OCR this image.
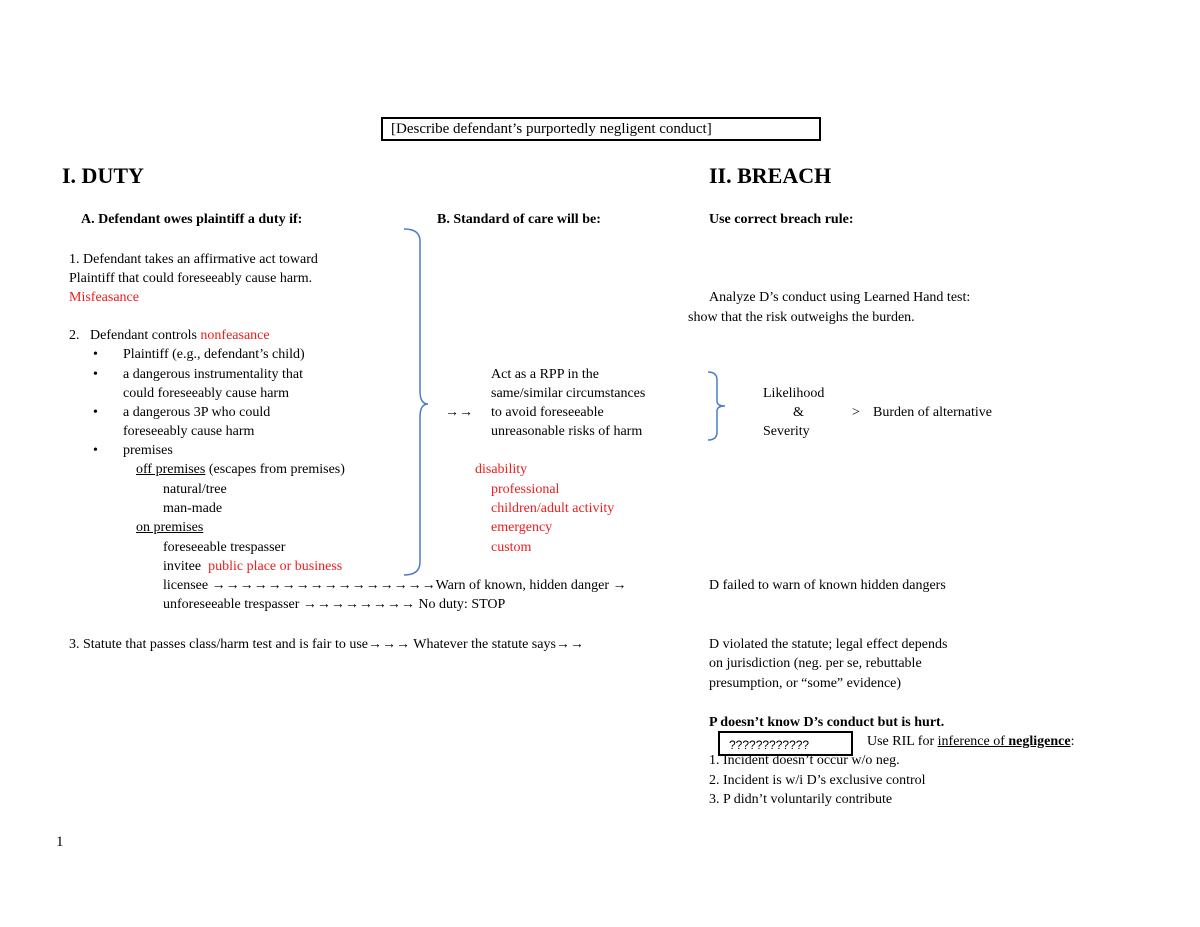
[Describe defendant’s purportedly negligent conduct]
I. DUTY	II. BREACH
A. Defendant owes plaintiff a duty if:	B. Standard of care will be:	Use correct breach rule:
1. Defendant takes an affirmative act toward
Plaintiff that could foreseeably cause harm.
Misfeasance
2.   Defendant controls nonfeasance
• Plaintiff (e.g., defendant’s child)
• a dangerous instrumentality that
could foreseeably cause harm
• a dangerous 3P who could
foreseeably cause harm
• premises
off premises (escapes from premises)
natural/tree
man-made
on premises
foreseeable trespasser
invitee  public place or business
licensee →→→→→→→→→→→→→→→→Warn of known, hidden danger →
unforeseeable trespasser →→→→→→→→ No duty: STOP
3. Statute that passes class/harm test and is fair to use→→→ Whatever the statute says→→
→→
Act as a RPP in the
same/similar circumstances
to avoid foreseeable
unreasonable risks of harm
disability
professional
children/adult activity
emergency
custom
Analyze D’s conduct using Learned Hand test:
show that the risk outweighs the burden.
Likelihood
&
Severity
> Burden of alternative
D failed to warn of known hidden dangers
D violated the statute; legal effect depends
on jurisdiction (neg. per se, rebuttable
presumption, or “some” evidence)
P doesn’t know D’s conduct but is hurt.
????????????	Use RIL for inference of negligence:
1. Incident doesn’t occur w/o neg.
2. Incident is w/i D’s exclusive control
3. P didn’t voluntarily contribute
1
